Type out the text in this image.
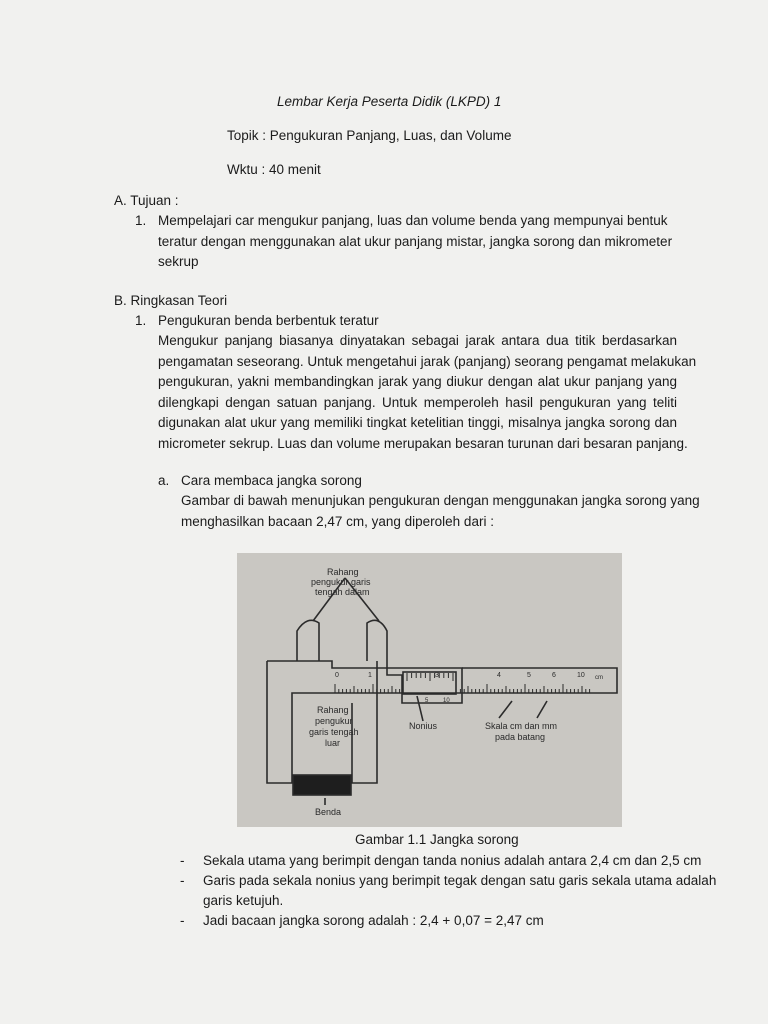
Lembar Kerja Peserta Didik (LKPD) 1
Topik : Pengukuran Panjang, Luas, dan Volume
Wktu : 40 menit
A. Tujuan :
1. Mempelajari car mengukur panjang, luas dan volume benda yang mempunyai bentuk
teratur dengan menggunakan alat ukur panjang mistar, jangka sorong dan mikrometer
sekrup
B. Ringkasan Teori
1. Pengukuran benda berbentuk teratur
Mengukur panjang biasanya dinyatakan sebagai jarak antara dua titik berdasarkan
pengamatan seseorang. Untuk mengetahui jarak (panjang) seorang pengamat melakukan
pengukuran, yakni membandingkan jarak yang diukur dengan alat ukur panjang yang
dilengkapi dengan satuan panjang. Untuk memperoleh hasil pengukuran yang teliti
digunakan alat ukur yang memiliki tingkat ketelitian tinggi, misalnya jangka sorong dan
micrometer sekrup. Luas dan volume merupakan besaran turunan dari besaran panjang.
a. Cara membaca jangka sorong
Gambar di bawah menunjukan pengukuran dengan menggunakan jangka sorong yang
menghasilkan bacaan 2,47 cm, yang diperoleh dari :
Rahang
pengukur garis
tengah dalam
Rahang
pengukur
garis tengah
luar
Nonius	Skala cm dan mm
pada batang
Benda
0	1	3	4	5	6	10 cm
5 10
Gambar 1.1 Jangka sorong
- Sekala utama yang berimpit dengan tanda nonius adalah antara 2,4 cm dan 2,5 cm
- Garis pada sekala nonius yang berimpit tegak dengan satu garis sekala utama adalah
garis ketujuh.
- Jadi bacaan jangka sorong adalah : 2,4 + 0,07 = 2,47 cm
